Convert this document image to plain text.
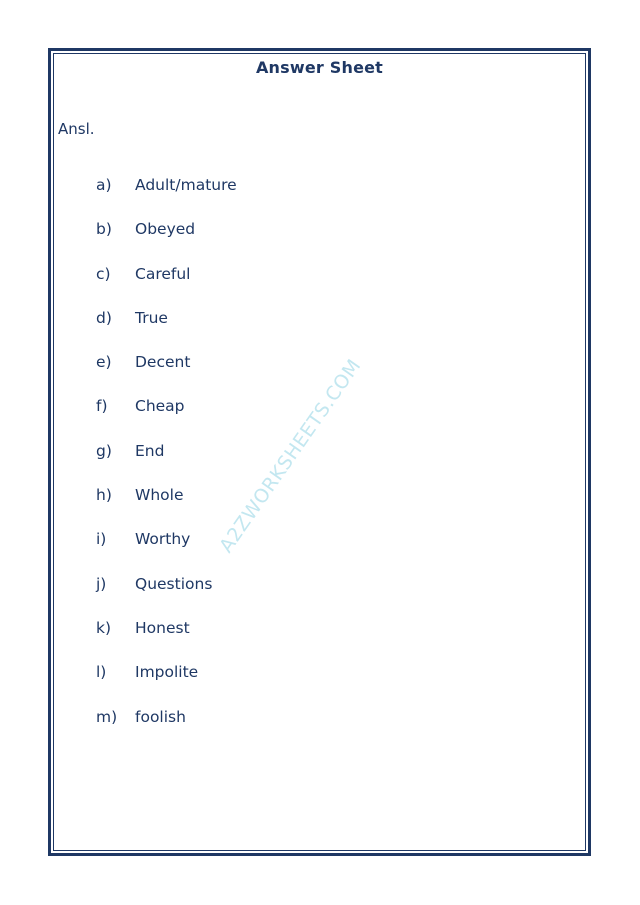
Answer Sheet
Ansl.
a)	Adult/mature
b)	Obeyed
c)	Careful
d)	True
e)	Decent
f)	Cheap
g)	End
h)	Whole
i)	Worthy
j)	Questions
k)	Honest
l)	Impolite
m)	foolish
A2ZWORKSHEETS.COM
